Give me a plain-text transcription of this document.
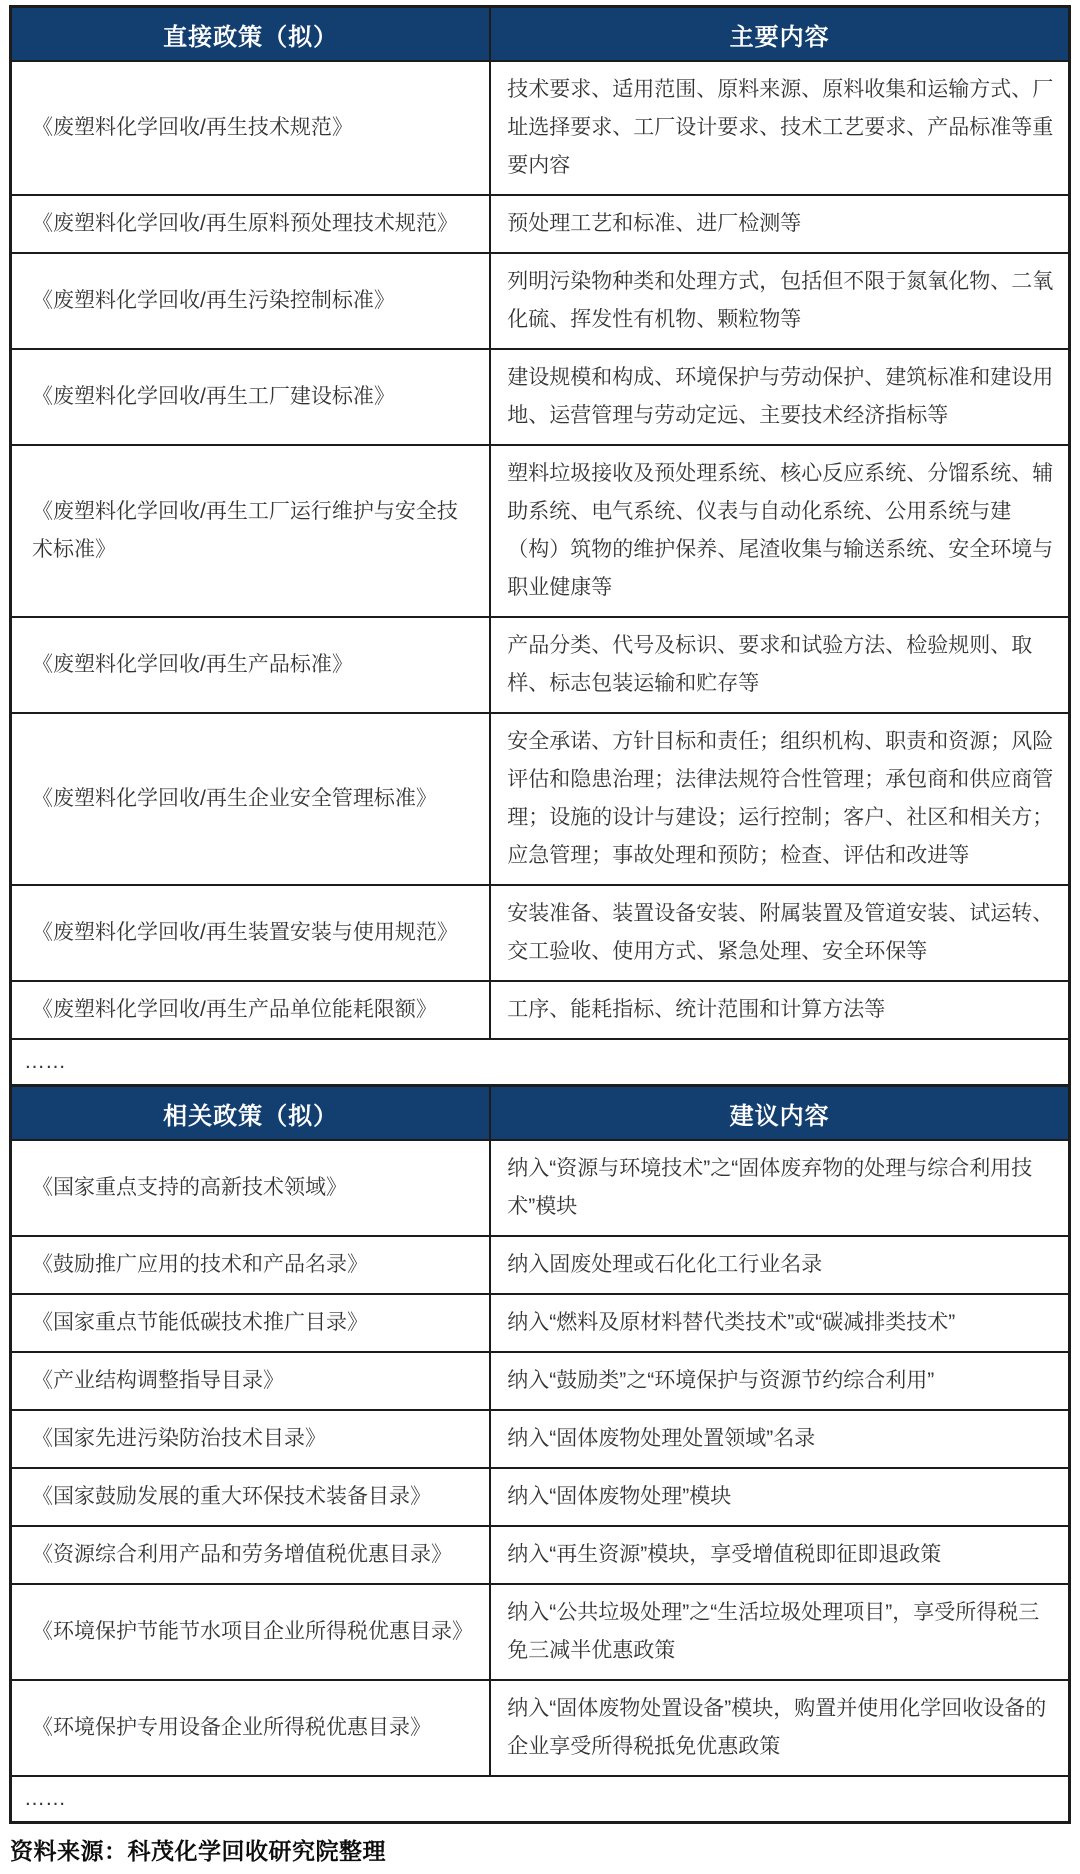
直接政策（拟）	主要内容
《废塑料化学回收/再生技术规范》	技术要求、适用范围、原料来源、原料收集和运输方式、厂址选择要求、工厂设计要求、技术工艺要求、产品标准等重要内容
《废塑料化学回收/再生原料预处理技术规范》	预处理工艺和标准、进厂检测等
《废塑料化学回收/再生污染控制标准》	列明污染物种类和处理方式，包括但不限于氮氧化物、二氧化硫、挥发性有机物、颗粒物等
《废塑料化学回收/再生工厂建设标准》	建设规模和构成、环境保护与劳动保护、建筑标准和建设用地、运营管理与劳动定远、主要技术经济指标等
《废塑料化学回收/再生工厂运行维护与安全技术标准》	塑料垃圾接收及预处理系统、核心反应系统、分馏系统、辅助系统、电气系统、仪表与自动化系统、公用系统与建（构）筑物的维护保养、尾渣收集与输送系统、安全环境与职业健康等
《废塑料化学回收/再生产品标准》	产品分类、代号及标识、要求和试验方法、检验规则、取样、标志包装运输和贮存等
《废塑料化学回收/再生企业安全管理标准》	安全承诺、方针目标和责任；组织机构、职责和资源；风险评估和隐患治理；法律法规符合性管理；承包商和供应商管理；设施的设计与建设；运行控制；客户、社区和相关方；应急管理；事故处理和预防；检查、评估和改进等
《废塑料化学回收/再生装置安装与使用规范》	安装准备、装置设备安装、附属装置及管道安装、试运转、交工验收、使用方式、紧急处理、安全环保等
《废塑料化学回收/再生产品单位能耗限额》	工序、能耗指标、统计范围和计算方法等
……	
相关政策（拟）	建议内容
《国家重点支持的高新技术领域》	纳入“资源与环境技术”之“固体废弃物的处理与综合利用技术”模块
《鼓励推广应用的技术和产品名录》	纳入固废处理或石化化工行业名录
《国家重点节能低碳技术推广目录》	纳入“燃料及原材料替代类技术”或“碳减排类技术”
《产业结构调整指导目录》	纳入“鼓励类”之“环境保护与资源节约综合利用”
《国家先进污染防治技术目录》	纳入“固体废物处理处置领域”名录
《国家鼓励发展的重大环保技术装备目录》	纳入“固体废物处理”模块
《资源综合利用产品和劳务增值税优惠目录》	纳入“再生资源”模块，享受增值税即征即退政策
《环境保护节能节水项目企业所得税优惠目录》	纳入“公共垃圾处理”之“生活垃圾处理项目”，享受所得税三免三减半优惠政策
《环境保护专用设备企业所得税优惠目录》	纳入“固体废物处置设备”模块，购置并使用化学回收设备的企业享受所得税抵免优惠政策
……	
资料来源：科茂化学回收研究院整理
